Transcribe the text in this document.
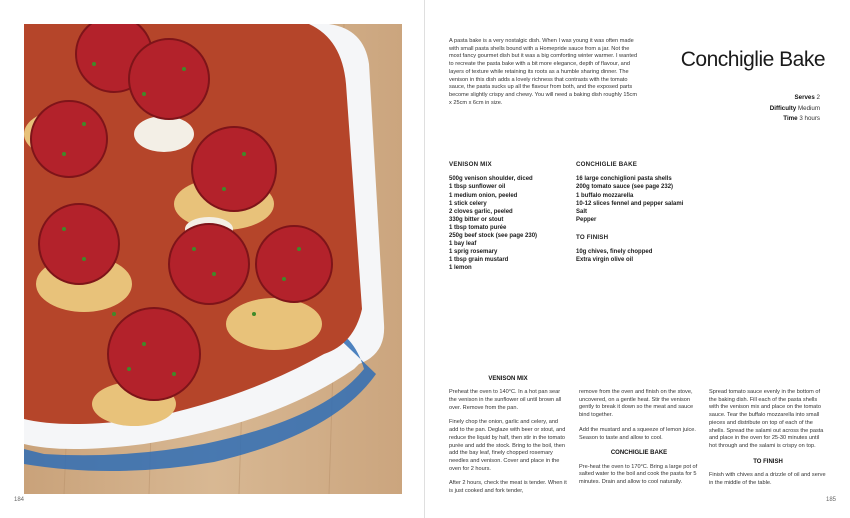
184
A pasta bake is a very nostalgic dish. When I was young it was often made with small pasta shells bound with a Homepride sauce from a jar. Not the most fancy gourmet dish but it was a big comforting winter warmer. I wanted to recreate the pasta bake with a bit more elegance, depth of flavour, and layers of texture while retaining its roots as a humble sharing dinner. The venison in this dish adds a lovely richness that contrasts with the tomato sauce, the pasta sucks up all the flavour from both, and the exposed parts become slightly crispy and chewy. You will need a baking dish roughly 15cm x 25cm x 6cm in size.
Conchiglie Bake
Serves 2
Difficulty Medium
Time 3 hours
VENISON MIX
500g venison shoulder, diced
1 tbsp sunflower oil
1 medium onion, peeled
1 stick celery
2 cloves garlic, peeled
330g bitter or stout
1 tbsp tomato purée
250g beef stock (see page 230)
1 bay leaf
1 sprig rosemary
1 tbsp grain mustard
1 lemon
CONCHIGLIE BAKE
16 large conchiglioni pasta shells
200g tomato sauce (see page 232)
1 buffalo mozzarella
10-12 slices fennel and pepper salami
Salt
Pepper
TO FINISH
10g chives, finely chopped
Extra virgin olive oil
VENISON MIX

Preheat the oven to 140°C. In a hot pan sear the venison in the sunflower oil until brown all over. Remove from the pan.

Finely chop the onion, garlic and celery, and add to the pan. Deglaze with beer or stout, and reduce the liquid by half, then stir in the tomato purée and add the stock. Bring to the boil, then add the bay leaf, finely chopped rosemary needles and venison. Cover and place in the oven for 2 hours.

After 2 hours, check the meat is tender. When it is just cooked and fork tender,

remove from the oven and finish on the stove, uncovered, on a gentle heat. Stir the venison gently to break it down so the meat and sauce bind together.

Add the mustard and a squeeze of lemon juice. Season to taste and allow to cool.

CONCHIGLIE BAKE

Pre-heat the oven to 170°C. Bring a large pot of salted water to the boil and cook the pasta for 5 minutes. Drain and allow to cool naturally.

Spread tomato sauce evenly in the bottom of the baking dish. Fill each of the pasta shells with the venison mix and place on the tomato sauce. Tear the buffalo mozzarella into small pieces and distribute on top of each of the shells. Spread the salami out across the pasta and place in the oven for 25-30 minutes until hot through and the salami is crispy on top.

TO FINISH

Finish with chives and a drizzle of oil and serve in the middle of the table.

185
